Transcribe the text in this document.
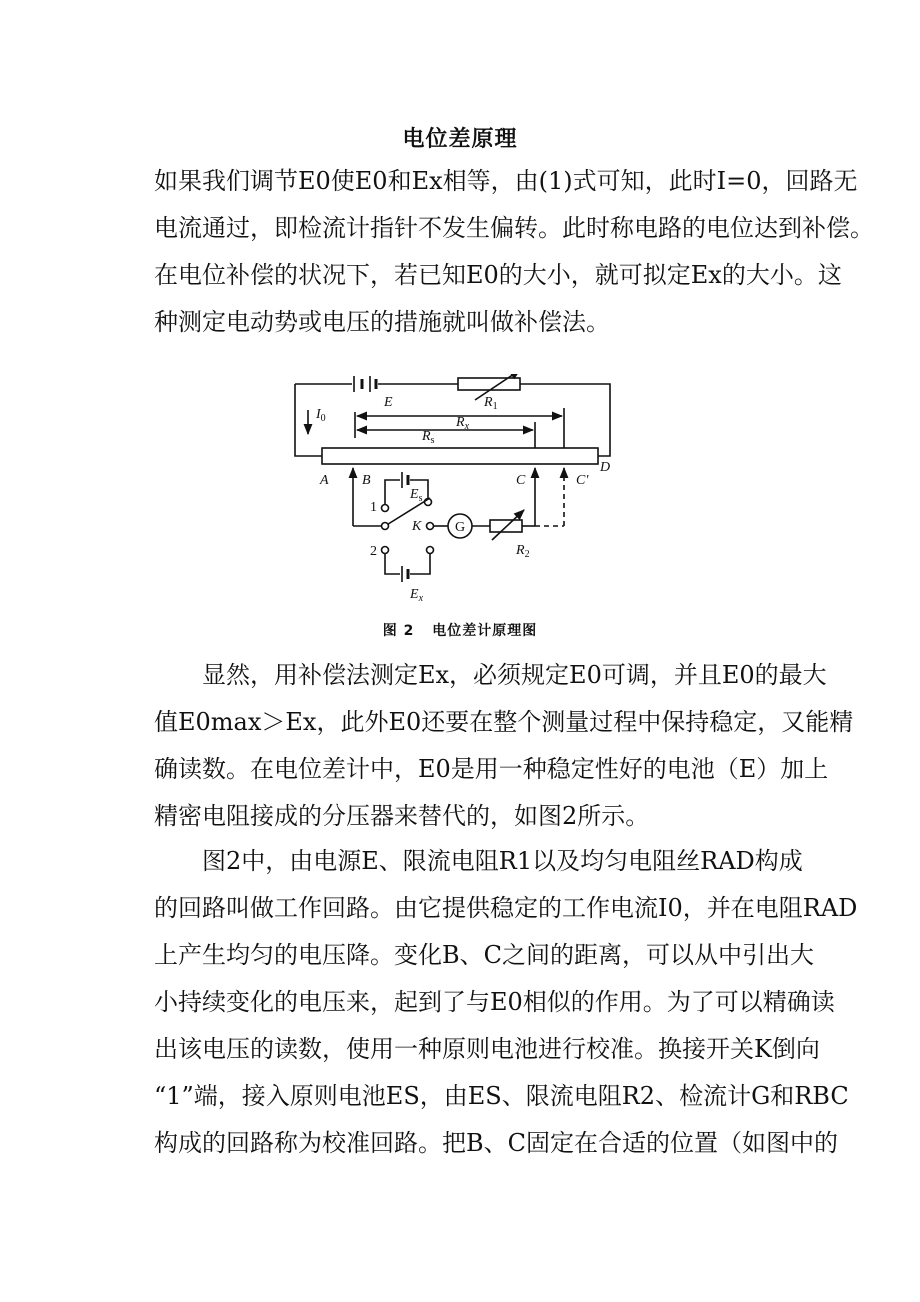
电位差原理
如果我们调节E0使E0和Ex相等，由(1)式可知，此时I=0，回路无
电流通过，即检流计指针不发生偏转。此时称电路的电位达到补偿。
在电位补偿的状况下，若已知E0的大小，就可拟定Ex的大小。这
种测定电动势或电压的措施就叫做补偿法。
E	$R_1$
$I_0$	$R_x$
$R_s$
A B	C	C′
D
$E_s$
1
2
K G
$R_2$
$E_x$
图 2 电位差计原理图
显然，用补偿法测定Ex，必须规定E0可调，并且E0的最大
值E0max＞Ex，此外E0还要在整个测量过程中保持稳定，又能精
确读数。在电位差计中，E0是用一种稳定性好的电池（E）加上
精密电阻接成的分压器来替代的，如图2所示。
图2中，由电源E、限流电阻R1以及均匀电阻丝RAD构成
的回路叫做工作回路。由它提供稳定的工作电流I0，并在电阻RAD
上产生均匀的电压降。变化B、C之间的距离，可以从中引出大
小持续变化的电压来，起到了与E0相似的作用。为了可以精确读
出该电压的读数，使用一种原则电池进行校准。换接开关K倒向
“1”端，接入原则电池ES，由ES、限流电阻R2、检流计G和RBC
构成的回路称为校准回路。把B、C固定在合适的位置（如图中的
